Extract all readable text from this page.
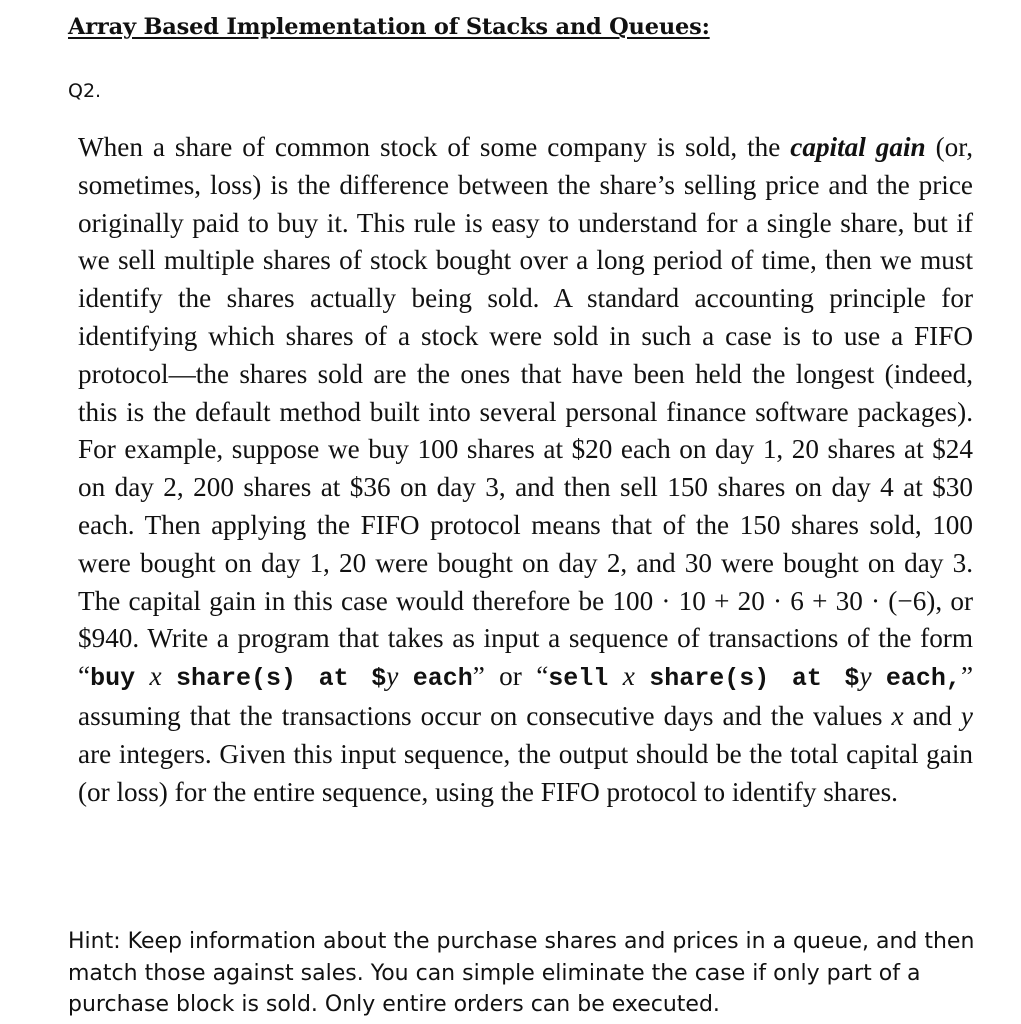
Array Based Implementation of Stacks and Queues:
Q2.
When a share of common stock of some company is sold, the capital gain (or, sometimes, loss) is the difference between the share’s selling price and the price originally paid to buy it. This rule is easy to understand for a single share, but if we sell multiple shares of stock bought over a long period of time, then we must identify the shares actually being sold. A standard accounting principle for identifying which shares of a stock were sold in such a case is to use a FIFO protocol—the shares sold are the ones that have been held the longest (indeed, this is the default method built into several personal finance software packages). For example, suppose we buy 100 shares at $20 each on day 1, 20 shares at $24 on day 2, 200 shares at $36 on day 3, and then sell 150 shares on day 4 at $30 each. Then applying the FIFO protocol means that of the 150 shares sold, 100 were bought on day 1, 20 were bought on day 2, and 30 were bought on day 3. The capital gain in this case would therefore be 100 · 10 + 20 · 6 + 30 · (−6), or $940. Write a program that takes as input a sequence of transactions of the form “buy x share(s) at $y each” or “sell x share(s) at $y each,” assuming that the transactions occur on consecutive days and the values x and y are integers. Given this input sequence, the output should be the total capital gain (or loss) for the entire sequence, using the FIFO protocol to identify shares.
Hint: Keep information about the purchase shares and prices in a queue, and then match those against sales. You can simple eliminate the case if only part of a purchase block is sold. Only entire orders can be executed.
